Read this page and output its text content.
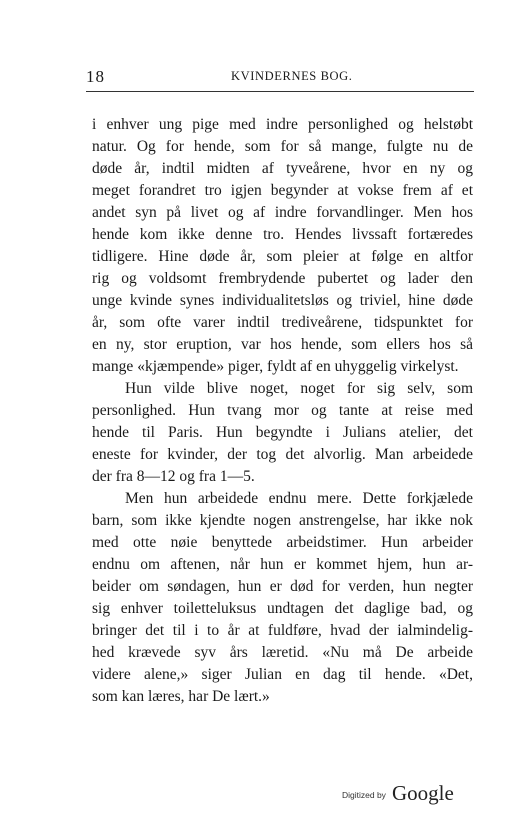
18	KVINDERNES BOG.
i enhver ung pige med indre personlighed og helstøbt
natur. Og for hende, som for så mange, fulgte nu de
døde år, indtil midten af tyveårene, hvor en ny og
meget forandret tro igjen begynder at vokse frem af et
andet syn på livet og af indre forvandlinger. Men hos
hende kom ikke denne tro. Hendes livssaft fortæredes
tidligere. Hine døde år, som pleier at følge en altfor
rig og voldsomt frembrydende pubertet og lader den
unge kvinde synes individualitetsløs og triviel, hine døde
år, som ofte varer indtil trediveårene, tidspunktet for
en ny, stor eruption, var hos hende, som ellers hos så
mange «kjæmpende» piger, fyldt af en uhyggelig virkelyst.
Hun vilde blive noget, noget for sig selv, som
personlighed. Hun tvang mor og tante at reise med
hende til Paris. Hun begyndte i Julians atelier, det
eneste for kvinder, der tog det alvorlig. Man arbeidede
der fra 8—12 og fra 1—5.
Men hun arbeidede endnu mere. Dette forkjælede
barn, som ikke kjendte nogen anstrengelse, har ikke nok
med otte nøie benyttede arbeidstimer. Hun arbeider
endnu om aftenen, når hun er kommet hjem, hun ar-
beider om søndagen, hun er død for verden, hun negter
sig enhver toiletteluksus undtagen det daglige bad, og
bringer det til i to år at fuldføre, hvad der ialmindelig-
hed krævede syv års læretid. «Nu må De arbeide
videre alene,» siger Julian en dag til hende. «Det,
som kan læres, har De lært.»
Digitized by Google
